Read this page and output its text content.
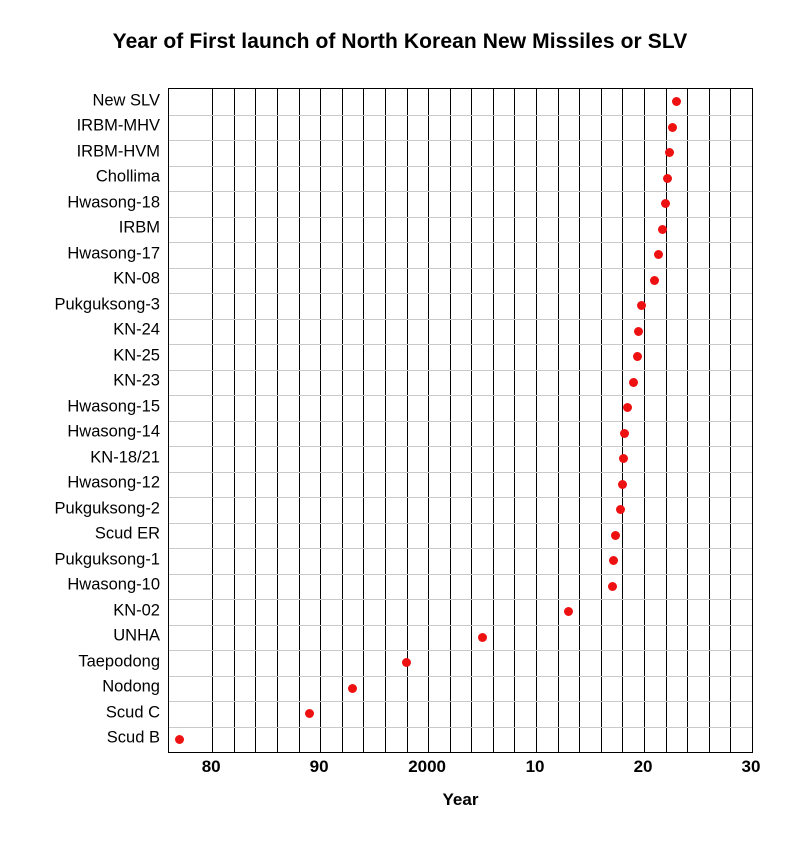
Year of First launch of North Korean New Missiles or SLV
New SLV
IRBM-MHV
IRBM-HVM
Chollima
Hwasong-18
IRBM
Hwasong-17
KN-08
Pukguksong-3
KN-24
KN-25
KN-23
Hwasong-15
Hwasong-14
KN-18/21
Hwasong-12
Pukguksong-2
Scud ER
Pukguksong-1
Hwasong-10
KN-02
UNHA
Taepodong
Nodong
Scud C
Scud B
80	90	2000	10	20	30
Year
